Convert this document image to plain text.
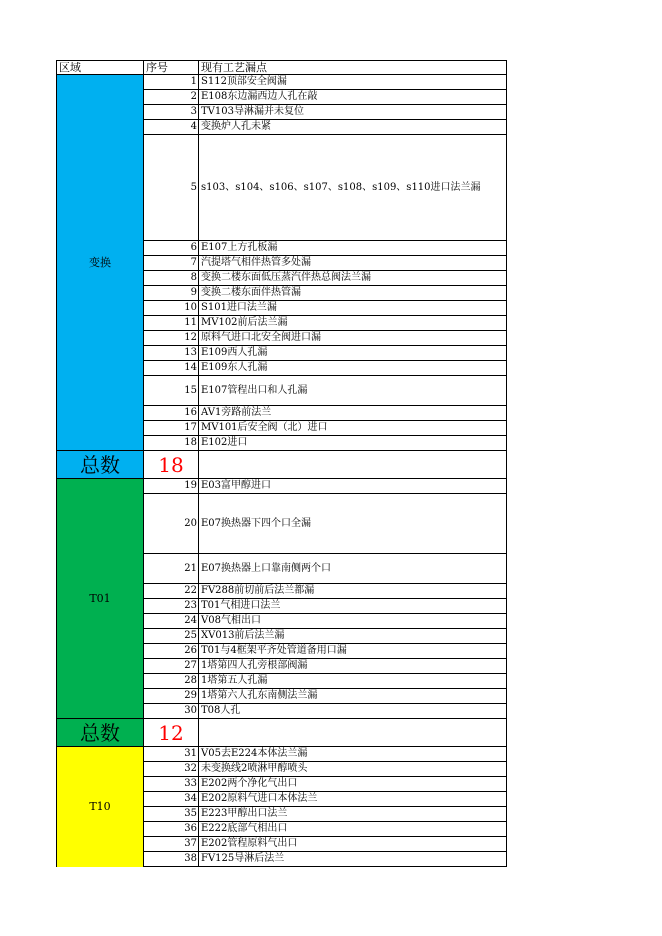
区域	序号	现有工艺漏点
变换	1	S112顶部安全阀漏
	2	E108东边漏西边人孔在敲
	3	TV103导淋漏并未复位
	4	变换炉人孔未紧
	5	s103、s104、s106、s107、s108、s109、s110进口法兰漏
	6	E107上方孔板漏
	7	汽提塔气相伴热管多处漏
	8	变换二楼东面低压蒸汽伴热总阀法兰漏
	9	变换二楼东面伴热管漏
	10	S101进口法兰漏
	11	MV102前后法兰漏
	12	原料气进口北安全阀进口漏
	13	E109西人孔漏
	14	E109东人孔漏
	15	E107管程出口和人孔漏
	16	AV1旁路前法兰
	17	MV101后安全阀（北）进口
	18	E102进口
总数	18	
T01	19	E03富甲醇进口
	20	E07换热器下四个口全漏
	21	E07换热器上口靠南侧两个口
	22	FV288前切前后法兰都漏
	23	T01气相进口法兰
	24	V08气相出口
	25	XV013前后法兰漏
	26	T01与4框架平齐处管道备用口漏
	27	1塔第四人孔旁根部阀漏
	28	1塔第五人孔漏
	29	1塔第六人孔东南侧法兰漏
	30	T08人孔
总数	12	
T10	31	V05去E224本体法兰漏
	32	未变换线2喷淋甲醇喷头
	33	E202两个净化气出口
	34	E202原料气进口本体法兰
	35	E223甲醇出口法兰
	36	E222底部气相出口
	37	E202管程原料气出口
	38	FV125导淋后法兰
